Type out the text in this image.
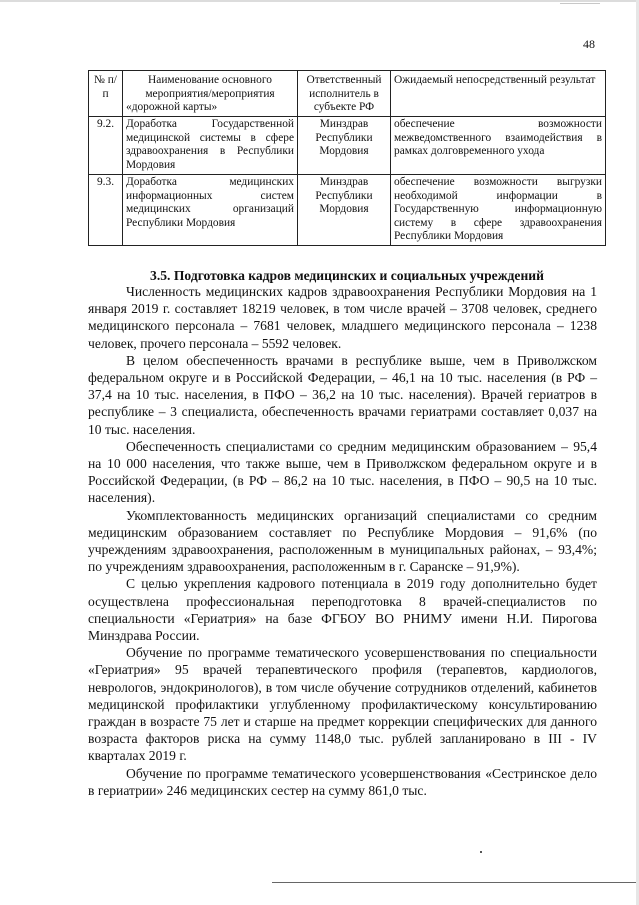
48
№ п/п	Наименование основного мероприятия/мероприятия «дорожной карты»	Ответственный исполнитель в субъекте РФ	Ожидаемый непосредственный результат
9.2.	Доработка Государственной медицинской системы в сфере здравоохранения в Республики Мордовия	Минздрав Республики Мордовия	обеспечение возможности межведомственного взаимодействия в рамках долговременного ухода
9.3.	Доработка медицинских информационных систем медицинских организаций Республики Мордовия	Минздрав Республики Мордовия	обеспечение возможности выгрузки необходимой информации в Государственную информационную систему в сфере здравоохранения Республики Мордовия
3.5. Подготовка кадров медицинских и социальных учреждений

Численность медицинских кадров здравоохранения Республики Мордовия на 1 января 2019 г. составляет 18219 человек, в том числе врачей – 3708 человек, среднего медицинского персонала – 7681 человек, младшего медицинского персонала – 1238 человек, прочего персонала – 5592 человек.

В целом обеспеченность врачами в республике выше, чем в Приволжском федеральном округе и в Российской Федерации, – 46,1 на 10 тыс. населения (в РФ – 37,4 на 10 тыс. населения, в ПФО – 36,2 на 10 тыс. населения). Врачей гериатров в республике – 3 специалиста, обеспеченность врачами гериатрами составляет 0,037 на 10 тыс. населения.

Обеспеченность специалистами со средним медицинским образованием – 95,4 на 10 000 населения, что также выше, чем в Приволжском федеральном округе и в Российской Федерации, (в РФ – 86,2 на 10 тыс. населения, в ПФО – 90,5 на 10 тыс. населения).

Укомплектованность медицинских организаций специалистами со средним медицинским образованием составляет по Республике Мордовия – 91,6% (по учреждениям здравоохранения, расположенным в муниципальных районах, – 93,4%; по учреждениям здравоохранения, расположенным в г. Саранске – 91,9%).

С целью укрепления кадрового потенциала в 2019 году дополнительно будет осуществлена профессиональная переподготовка 8 врачей-специалистов по специальности «Гериатрия» на базе ФГБОУ ВО РНИМУ имени Н.И. Пирогова Минздрава России.

Обучение по программе тематического усовершенствования по специальности «Гериатрия» 95 врачей терапевтического профиля (терапевтов, кардиологов, неврологов, эндокринологов), в том числе обучение сотрудников отделений, кабинетов медицинской профилактики углубленному профилактическому консультированию граждан в возрасте 75 лет и старше на предмет коррекции специфических для данного возраста факторов риска на сумму 1148,0 тыс. рублей запланировано в III - IV кварталах 2019 г.

Обучение по программе тематического усовершенствования «Сестринское дело в гериатрии» 246 медицинских сестер на сумму 861,0 тыс.
